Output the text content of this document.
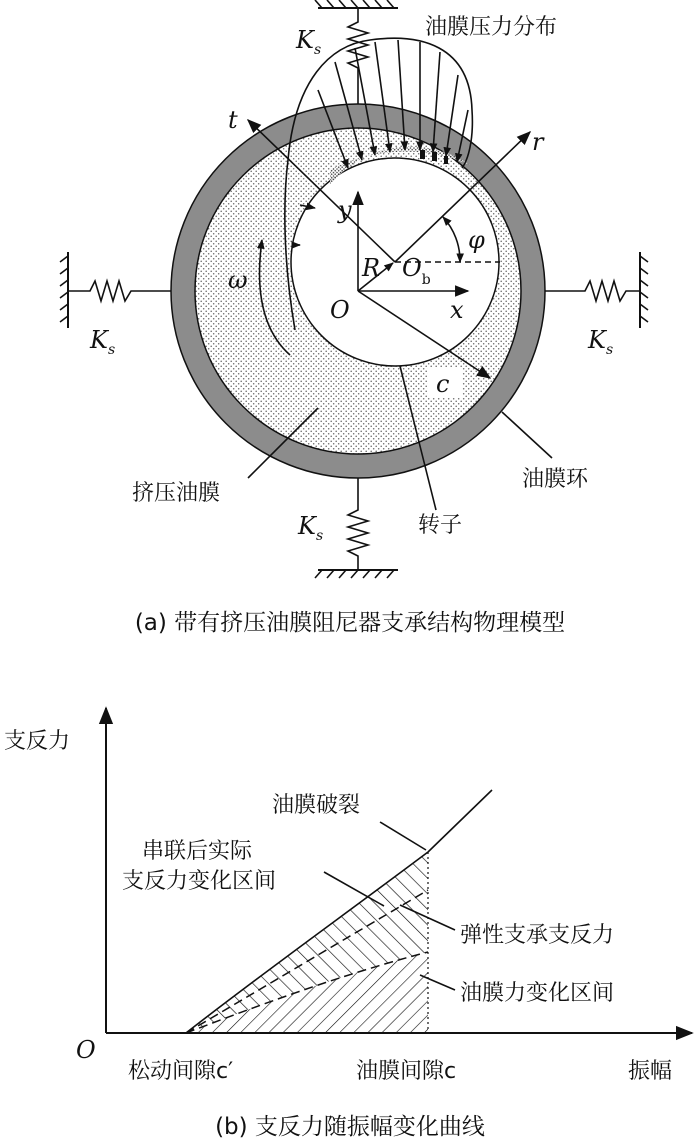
$K_s$
$K_s$	$K_s$
$K_s$
油膜压力分布
t
r
y
x
O
R $O_b$
φ
ω
c
油膜环
挤压油膜
转子
(a) 带有挤压油膜阻尼器支承结构物理模型
支反力
O
振幅
油膜破裂
串联后实际
支反力变化区间
弹性支承支反力
油膜力变化区间
松动间隙c′	油膜间隙c
(b) 支反力随振幅变化曲线
